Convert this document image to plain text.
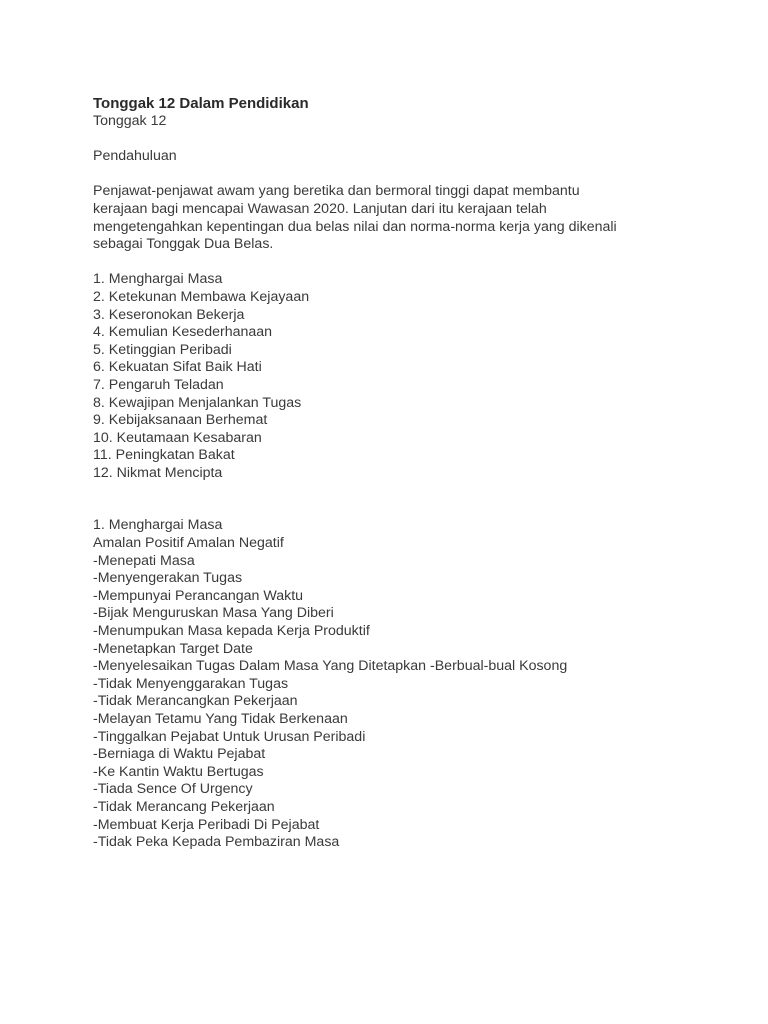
Tonggak 12 Dalam Pendidikan

Tonggak 12

Pendahuluan

Penjawat-penjawat awam yang beretika dan bermoral tinggi dapat membantu

kerajaan bagi mencapai Wawasan 2020. Lanjutan dari itu kerajaan telah

mengetengahkan kepentingan dua belas nilai dan norma-norma kerja yang dikenali

sebagai Tonggak Dua Belas.

1. Menghargai Masa
2. Ketekunan Membawa Kejayaan
3. Keseronokan Bekerja
4. Kemulian Kesederhanaan
5. Ketinggian Peribadi
6. Kekuatan Sifat Baik Hati
7. Pengaruh Teladan
8. Kewajipan Menjalankan Tugas
9. Kebijaksanaan Berhemat
10. Keutamaan Kesabaran
11. Peningkatan Bakat
12. Nikmat Mencipta

1. Menghargai Masa

Amalan Positif Amalan Negatif

-Menepati Masa
-Menyengerakan Tugas
-Mempunyai Perancangan Waktu
-Bijak Menguruskan Masa Yang Diberi
-Menumpukan Masa kepada Kerja Produktif
-Menetapkan Target Date
-Menyelesaikan Tugas Dalam Masa Yang Ditetapkan -Berbual-bual Kosong
-Tidak Menyenggarakan Tugas
-Tidak Merancangkan Pekerjaan
-Melayan Tetamu Yang Tidak Berkenaan
-Tinggalkan Pejabat Untuk Urusan Peribadi
-Berniaga di Waktu Pejabat
-Ke Kantin Waktu Bertugas
-Tiada Sence Of Urgency
-Tidak Merancang Pekerjaan
-Membuat Kerja Peribadi Di Pejabat
-Tidak Peka Kepada Pembaziran Masa
